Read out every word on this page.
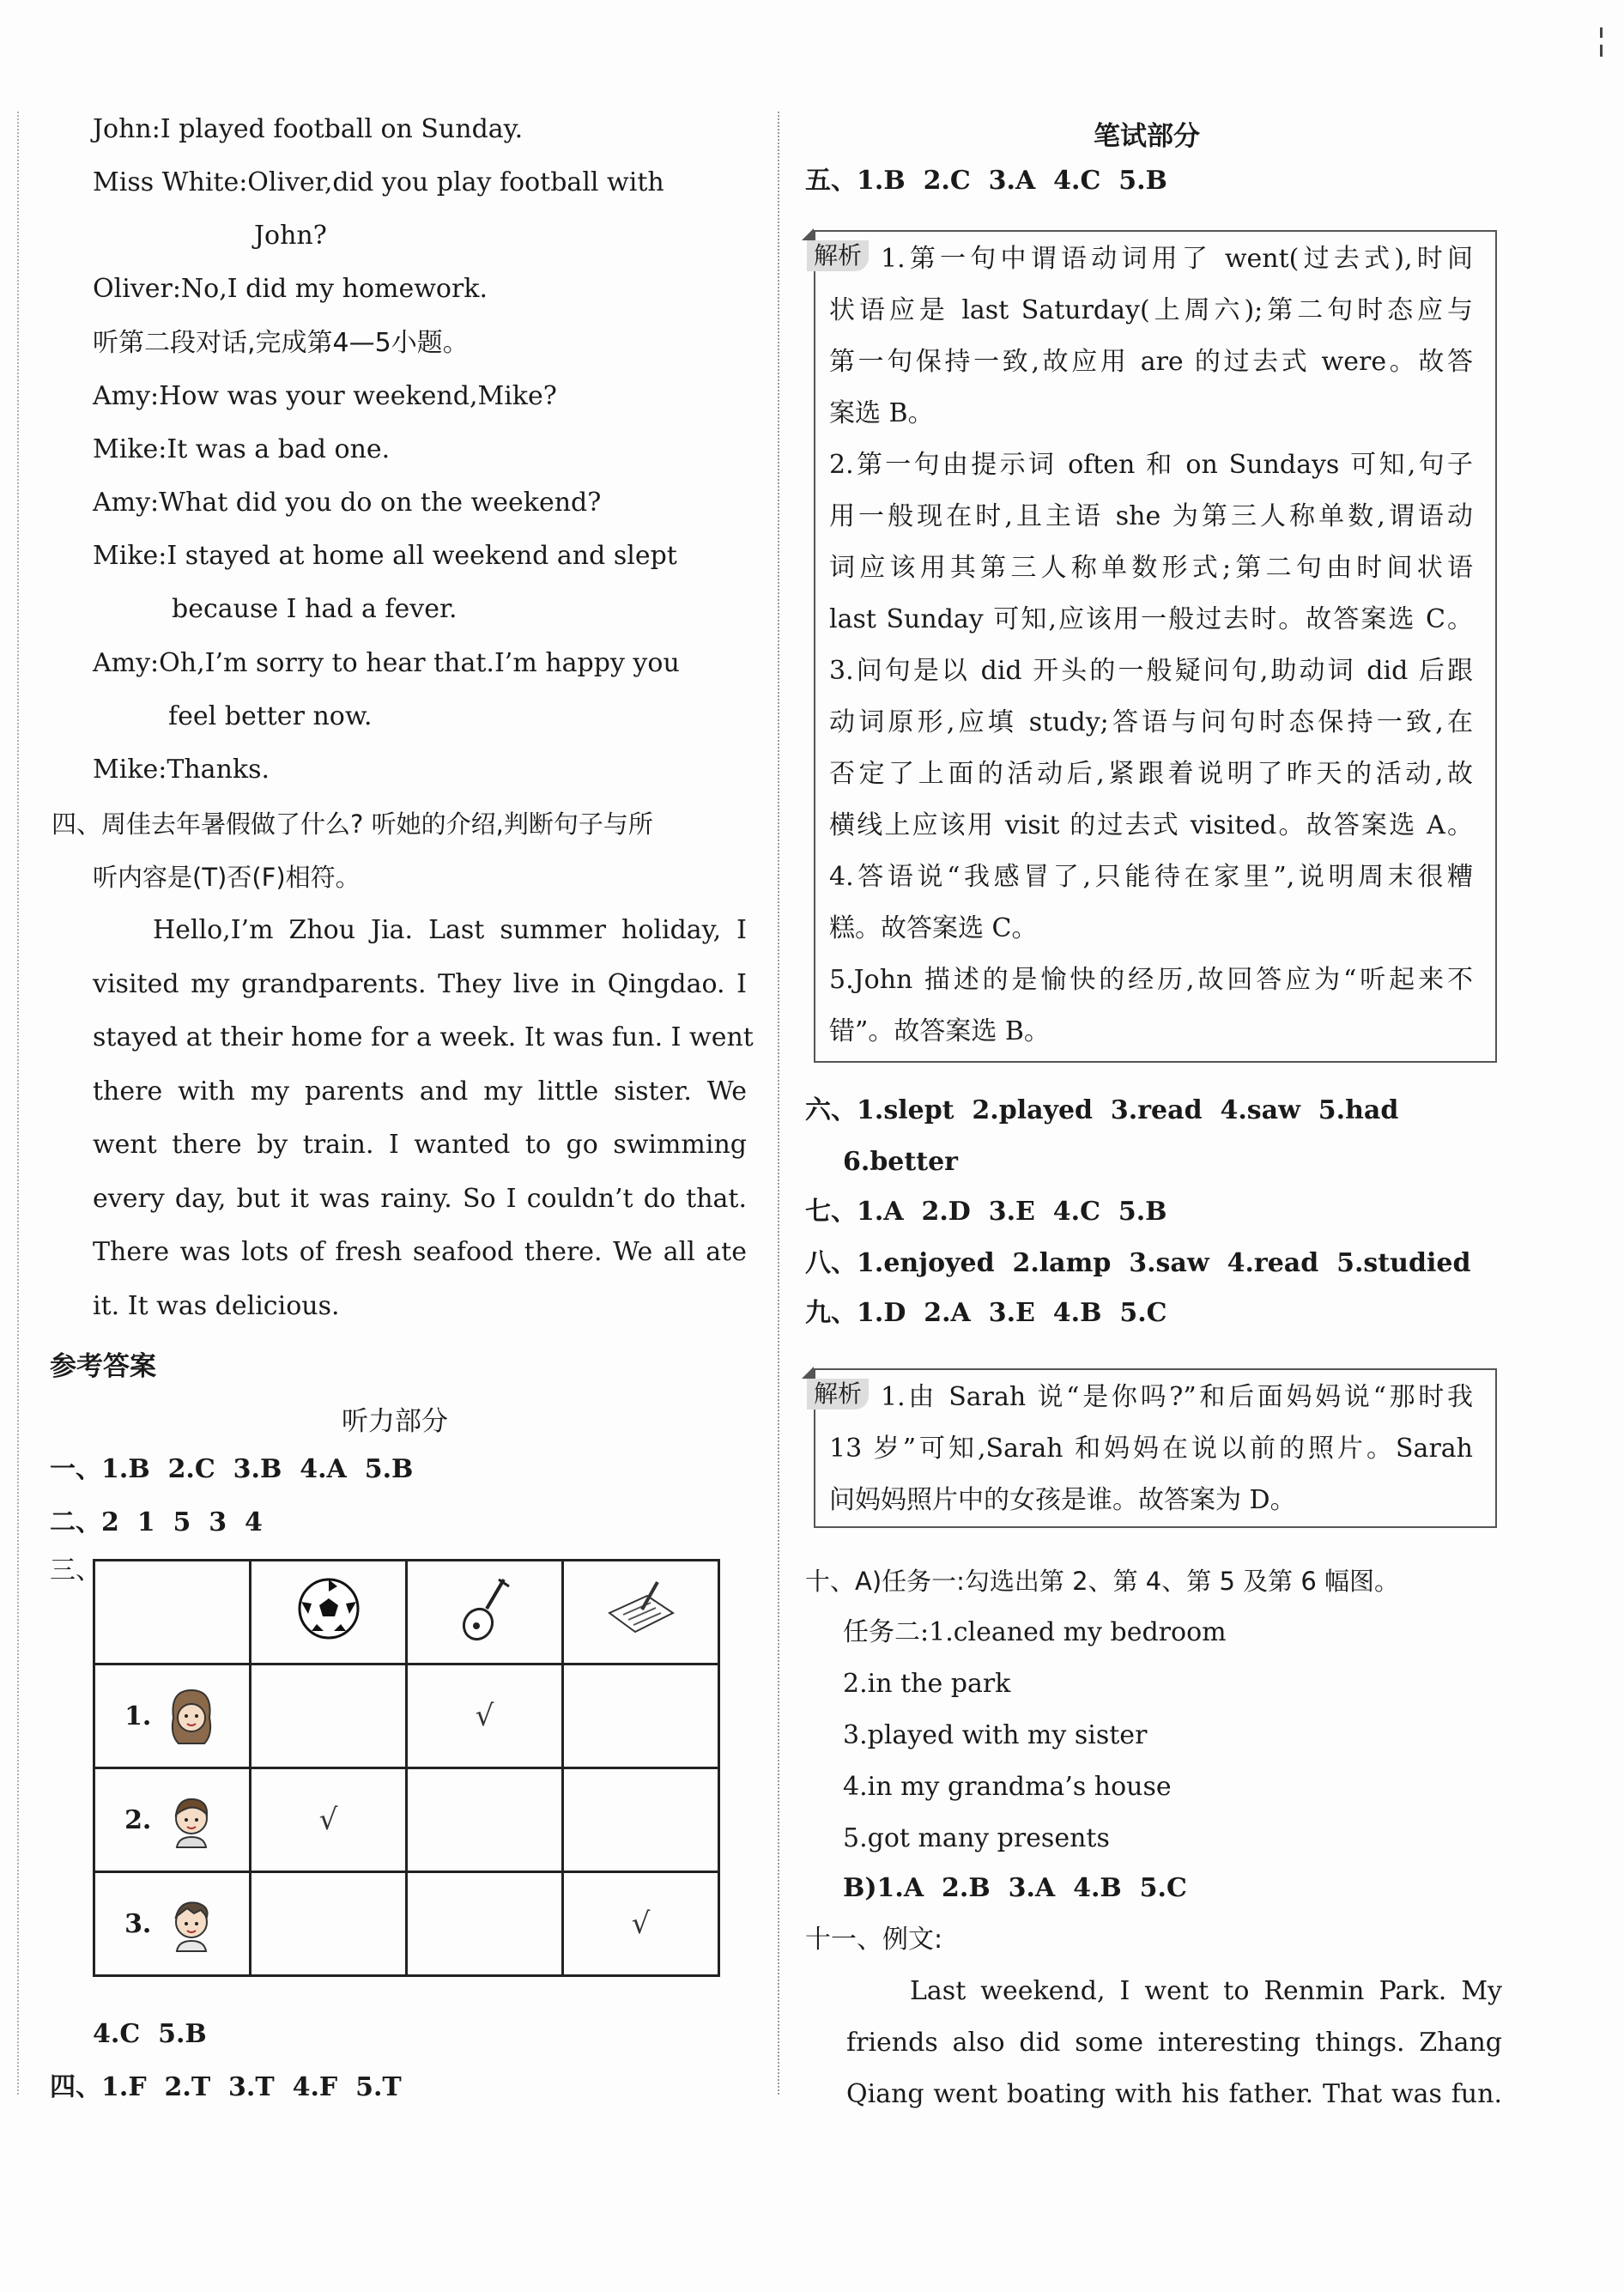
John:I played football on Sunday.
Miss White:Oliver,did you play football with
John?
Oliver:No,I did my homework.
听第二段对话,完成第4—5小题。
Amy:How was your weekend,Mike?
Mike:It was a bad one.
Amy:What did you do on the weekend?
Mike:I stayed at home all weekend and slept
because I had a fever.
Amy:Oh,I’m sorry to hear that.I’m happy you
feel better now.
Mike:Thanks.
四、周佳去年暑假做了什么? 听她的介绍,判断句子与所
听内容是(T)否(F)相符。
Hello,I’m Zhou Jia. Last summer holiday, I
visited my grandparents. They live in Qingdao. I
stayed at their home for a week. It was fun. I went
there with my parents and my little sister. We
went there by train. I wanted to go swimming
every day, but it was rainy. So I couldn’t do that.
There was lots of fresh seafood there. We all ate
it. It was delicious.
参考答案
听力部分
一、1.B  2.C  3.B  4.A  5.B
二、2  1  5  3  4
三、

1.		√	
2.	√		
3.			√
4.C  5.B
四、1.F  2.T  3.T  4.F  5.T
笔试部分
五、1.B  2.C  3.A  4.C  5.B
解析 1.第一句中谓语动词用了 went(过去式),时间
状语应是 last Saturday(上周六);第二句时态应与
第一句保持一致,故应用 are 的过去式 were。故答
案选 B。
2.第一句由提示词 often 和 on Sundays 可知,句子
用一般现在时,且主语 she 为第三人称单数,谓语动
词应该用其第三人称单数形式;第二句由时间状语
last Sunday 可知,应该用一般过去时。故答案选 C。
3.问句是以 did 开头的一般疑问句,助动词 did 后跟
动词原形,应填 study;答语与问句时态保持一致,在
否定了上面的活动后,紧跟着说明了昨天的活动,故
横线上应该用 visit 的过去式 visited。故答案选 A。
4.答语说“我感冒了,只能待在家里”,说明周末很糟
糕。故答案选 C。
5.John 描述的是愉快的经历,故回答应为“听起来不
错”。故答案选 B。
六、1.slept  2.played  3.read  4.saw  5.had
6.better
七、1.A  2.D  3.E  4.C  5.B
八、1.enjoyed  2.lamp  3.saw  4.read  5.studied
九、1.D  2.A  3.E  4.B  5.C
解析 1.由 Sarah 说“是你吗?”和后面妈妈说“那时我
13 岁”可知,Sarah 和妈妈在说以前的照片。Sarah
问妈妈照片中的女孩是谁。故答案为 D。
十、A)任务一:勾选出第 2、第 4、第 5 及第 6 幅图。
任务二:1.cleaned my bedroom
2.in the park
3.played with my sister
4.in my grandma’s house
5.got many presents
B)1.A  2.B  3.A  4.B  5.C
十一、例文:
Last weekend, I went to Renmin Park. My
friends also did some interesting things. Zhang
Qiang went boating with his father. That was fun.
